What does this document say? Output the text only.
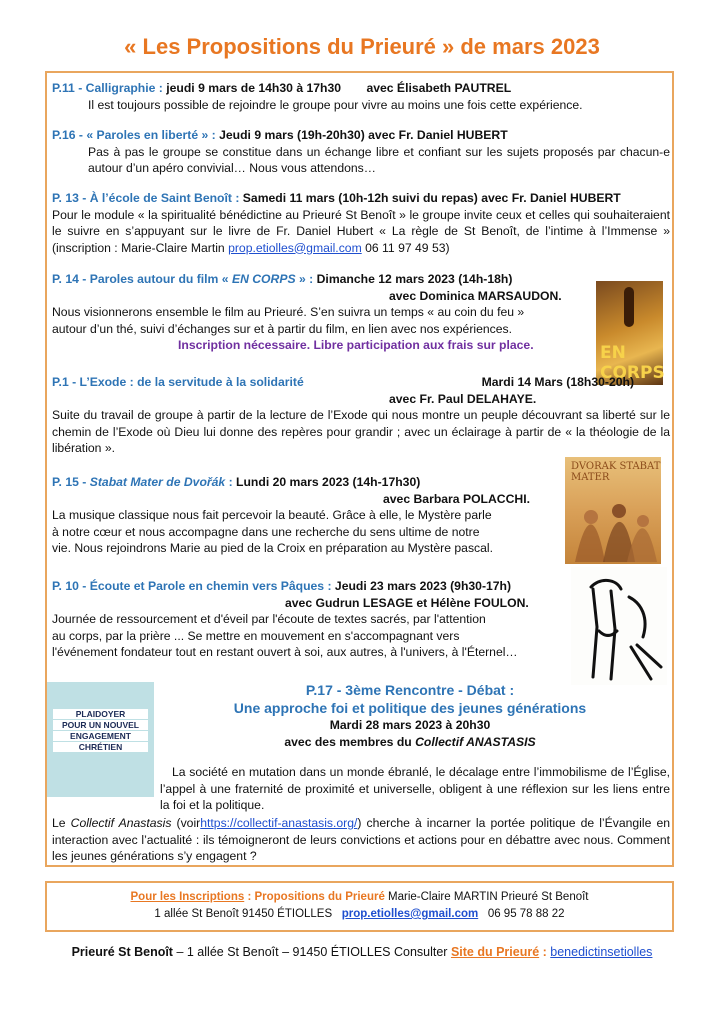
« Les Propositions du Prieuré » de mars 2023
P.11 - Calligraphie : jeudi 9 mars de 14h30 à 17h30 avec Élisabeth PAUTREL
Il est toujours possible de rejoindre le groupe pour vivre au moins une fois cette expérience.
P.16 - « Paroles en liberté » : Jeudi 9 mars (19h-20h30) avec Fr. Daniel HUBERT
Pas à pas le groupe se constitue dans un échange libre et confiant sur les sujets proposés par chacun-e autour d’un apéro convivial… Nous vous attendons…
P. 13 - À l’école de Saint Benoît : Samedi 11 mars (10h-12h suivi du repas) avec Fr. Daniel HUBERT
Pour le module « la spiritualité bénédictine au Prieuré St Benoît » le groupe invite ceux et celles qui souhaiteraient le suivre en s’appuyant sur le livre de Fr. Daniel Hubert « La règle de St Benoît, de l’intime à l’Immense » (inscription : Marie-Claire Martin prop.etiolles@gmail.com 06 11 97 49 53)
P. 14 - Paroles autour du film « EN CORPS » : Dimanche 12 mars 2023 (14h-18h)
avec Dominica MARSAUDON.
Nous visionnerons ensemble le film au Prieuré. S’en suivra un temps « au coin du feu »
autour d’un thé, suivi d’échanges sur et à partir du film, en lien avec nos expériences.
Inscription nécessaire. Libre participation aux frais sur place.	EN CORPS
P.1 - L’Exode : de la servitude à la solidarité	Mardi 14 Mars (18h30-20h)
avec Fr. Paul DELAHAYE.
Suite du travail de groupe à partir de la lecture de l’Exode qui nous montre un peuple découvrant sa liberté sur le chemin de l’Exode où Dieu lui donne des repères pour grandir ; avec un éclairage à partir de « la théologie de la libération ».
P. 15 - Stabat Mater de Dvořák : Lundi 20 mars 2023 (14h-17h30)
avec Barbara POLACCHI.
La musique classique nous fait percevoir la beauté. Grâce à elle, le Mystère parle
à notre cœur et nous accompagne dans une recherche du sens ultime de notre
vie. Nous rejoindrons Marie au pied de la Croix en préparation au Mystère pascal.
DVORAK STABAT MATER
P. 10 - Écoute et Parole en chemin vers Pâques : Jeudi 23 mars 2023 (9h30-17h)
avec Gudrun LESAGE et Hélène FOULON.
Journée de ressourcement et d'éveil par l'écoute de textes sacrés, par l'attention
au corps, par la prière ... Se mettre en mouvement en s'accompagnant vers
l'événement fondateur tout en restant ouvert à soi, aux autres, à l'univers, à l'Éternel…
PLAIDOYER
POUR UN NOUVEL
ENGAGEMENT
CHRÉTIEN
P.17 - 3ème Rencontre - Débat :
Une approche foi et politique des jeunes générations
Mardi 28 mars 2023 à 20h30
avec des membres du Collectif ANASTASIS
La société en mutation dans un monde ébranlé, le décalage entre l’immobilisme de l’Église, l’appel à une fraternité de proximité et universelle, obligent à une réflexion sur les liens entre la foi et la politique.
Le Collectif Anastasis (voirhttps://collectif-anastasis.org/) cherche à incarner la portée politique de l’Évangile en interaction avec l’actualité : ils témoigneront de leurs convictions et actions pour en débattre avec nous. Comment les jeunes générations s’y engagent ?
Pour les Inscriptions : Propositions du Prieuré Marie-Claire MARTIN Prieuré St Benoît
1 allée St Benoît 91450 ÉTIOLLES prop.etiolles@gmail.com 06 95 78 88 22
Prieuré St Benoît – 1 allée St Benoît – 91450 ÉTIOLLES Consulter Site du Prieuré : benedictinsetiolles
